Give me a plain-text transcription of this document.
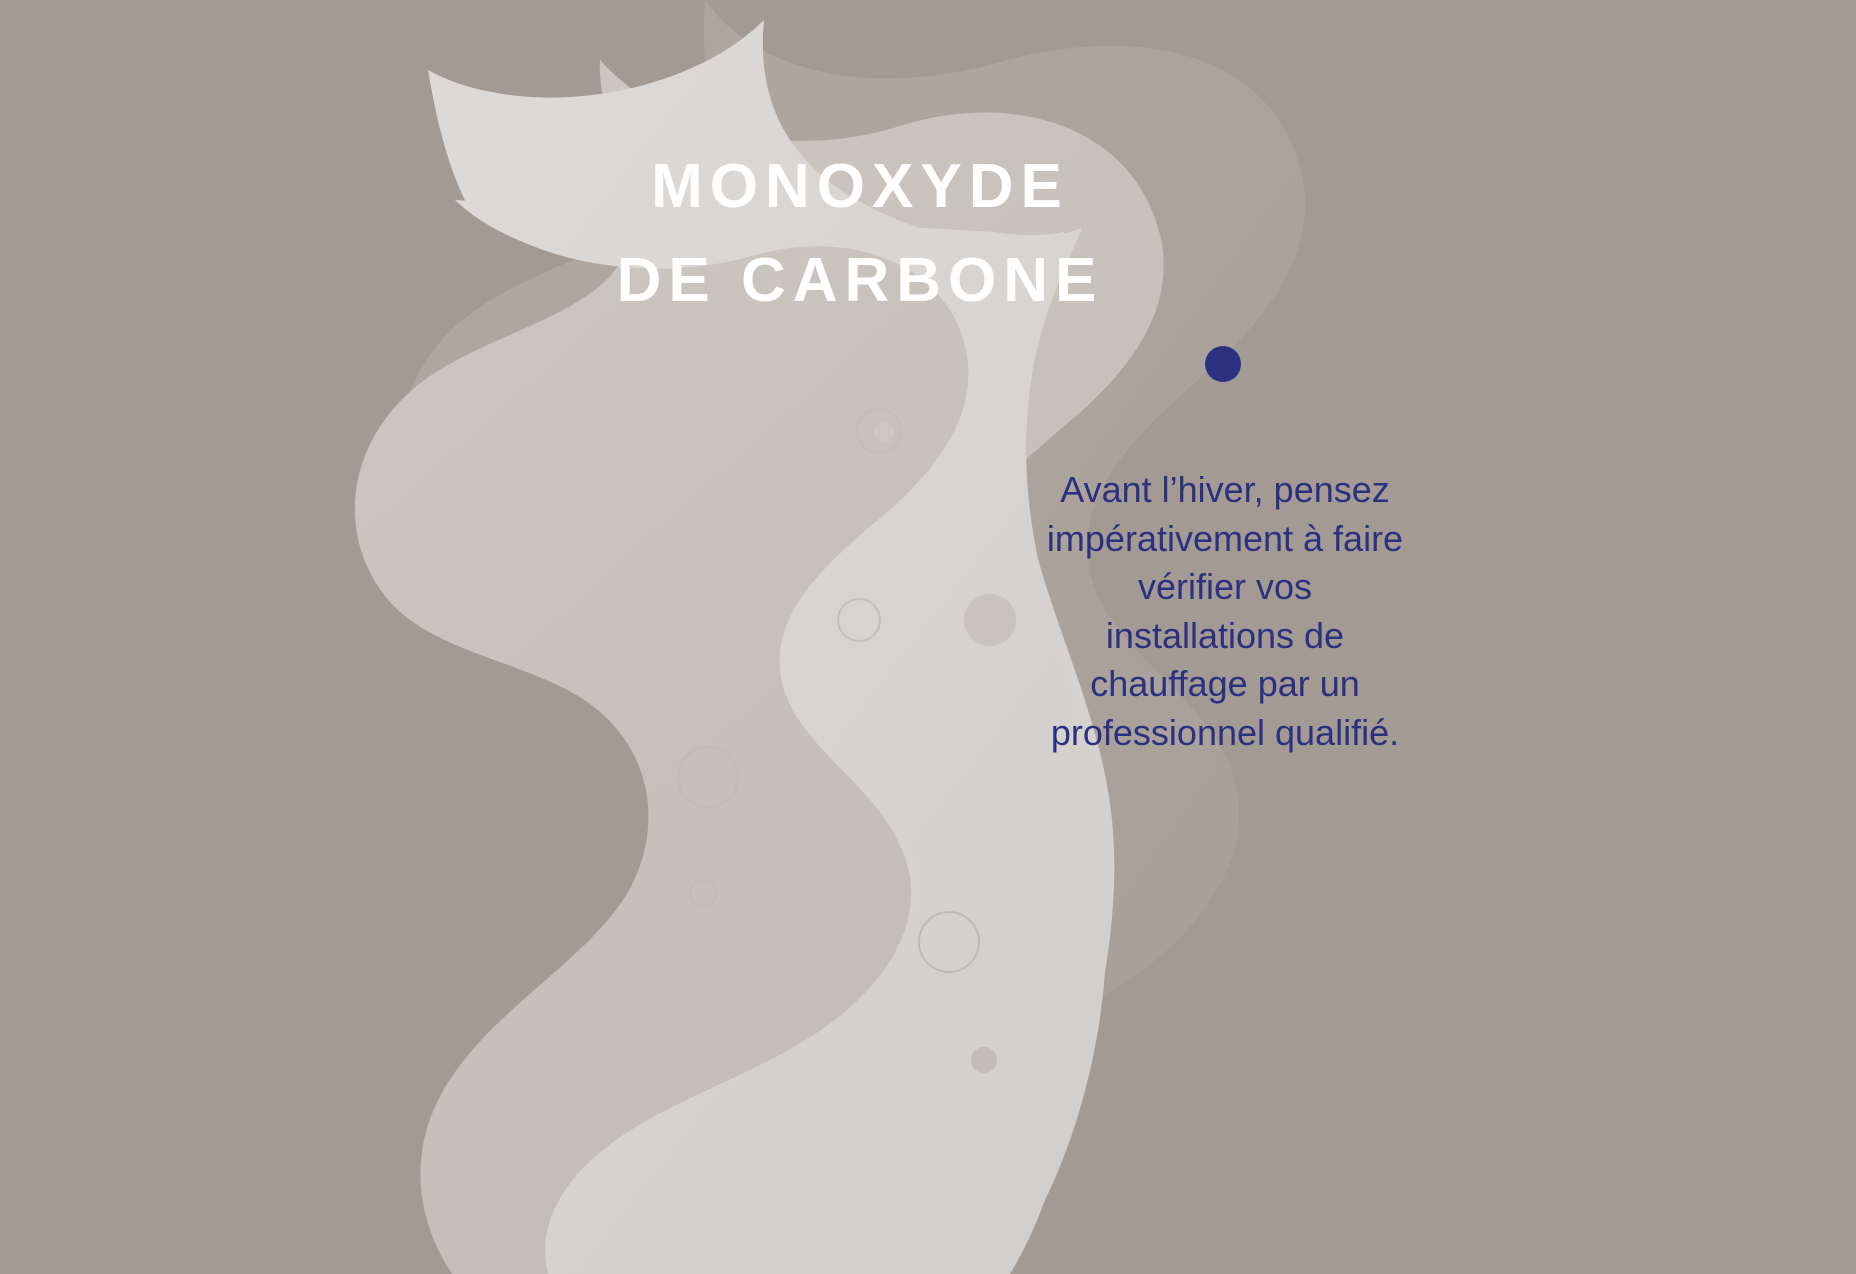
MONOXYDE
DE CARBONE

Avant l’hiver, pensez impérativement à faire vérifier vos installations de chauffage par un professionnel qualifié.
